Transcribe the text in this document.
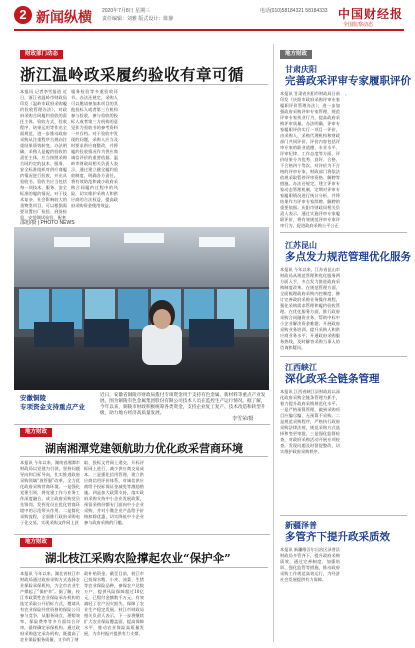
2 新闻纵横 2020年7月8日 星期三
责任编辑：刘雅 版式设计：陈静
电话(010)58184321 58184333 中国财经报
全国监察动态
财政部门动态
浙江温岭政采履约验收有章可循
本报讯 记者李雪报道 近日，浙江省温岭市财政局印发《温岭市政府采购履约验收管理办法》，对政府采购合同履约验收的责任主体、验收方式、验收程序、结果运用等作出全面规范，进一步推动政府采购从注重程序合规向注重结果绩效转变。办法明确，采购人是履约验收的责任主体，应当按照采购合同约定的技术、服务、安全标准组织对供应商履约情况进行验收，并出具验收书。验收书应当包括每一项技术、服务、安全标准的履约情况。对于技术复杂、社会影响较大的货物类项目，可以根据需要设置出厂检验、到货检验、安装调试检验、配套
服务检验等多重验收环节。办法还规定，采购人可以邀请参加本项目的其他投标人或者第三方机构参与验收，参与验收的投标人或者第三方机构的意见作为验收书的参考资料一并存档。对于验收中发现的问题，采购人应当及时要求供应商整改，并将履约验收情况作为供应商诚信评价的重要依据。温岭市财政局相关负责人表示，通过建立健全履约验收制度，明确各方责任，将有效防范和减少政府采购合同履约过程中的风险，切实维护采购人和供应商的合法权益，提高政府采购资金使用效益。
邵旭/摄 | PHOTO NEWS
安徽铜陵
专项资金支持重点产业
近日，安徽省铜陵市财政局拨付专项资金用于支持有色金属、新材料等重点产业发展。图为铜陵有色金属集团股份有限公司技术人员在监控生产运行情况。据了解，今年以来，铜陵市财政积极统筹各类资金，支持企业复工复产、技术改造和转型升级，助力地方经济高质量发展。
李雪荣/摄
地方财政
湖南湘潭党建领航助力优化政采营商环境
本报讯 今年以来，湖南省湘潭市财政局以党建为引领，坚持问题导向和目标导向，扎实推进政府采购领域“放管服”改革，全力优化政府采购营商环境。一是强化党建引领，将党建工作与业务工作深度融合，成立政府采购党员先锋岗，发挥党员在优化营商环境中的示范带头作用。二是简化采购流程，全面推行政府采购电子化交易，实现采购文件网上获
取、投标文件网上递交、开标评标网上进行，减少供应商交易成本。三是强化信用管理，建立供应商信用评价体系，对诚信供应商给予投标保证金减免等激励措施。四是加大政策支持，落实政府采购支持中小企业发展政策，预留采购份额专门面向中小企业采购，并对小微企业产品给予价格扣除优惠，切实降低中小企业参与政府采购的门槛。
地方财政
湖北枝江采购农险撑起农业“保护伞”
本报讯 今年以来，湖北省枝江市财政局通过政府采购方式选择农业保险承保机构，为全市农业生产撑起了“保护伞”。据了解，枝江市政策性农业保险承办机构的选定采取公开招标方式，邀请具有农业保险经营资格的保险公司参与竞争，从服务网点、理赔效率、保险费率等多方面综合评审，最终确定承保机构。通过政府采购选定承办机构，既提高了农业保险服务质量，又节约了财
政补贴资金。截至目前，枝江市已投保水稻、小麦、油菜、生猪等农业保险品种，参保农户达数万户，提供风险保障超过10亿元，已赔付金额数千万元，有效减轻了农户因灾损失，保障了农业生产稳定发展。枝江市财政局相关负责人表示，下一步将继续扩大农业保险覆盖面，提高保障水平，推动农业保险高质量发展，为乡村振兴提供有力支撑。
地方财政
甘肃庆阳
完善政采评审专家履职评价
本报讯 甘肃省庆阳市财政局日前印发《庆阳市政府采购评审专家履职评价管理办法》，进一步加强政府采购评审专家管理，规范评审专家执业行为，提高政府采购评审质量。办法明确，评审专家履职评价实行一项目一评价，由采购人、采购代理机构和财政部门共同评价。评价内容包括评审专家的职业道德、专业水平、评审纪律、工作态度等方面，评价结果分为优秀、良好、合格、不合格四个等次。对评价为不合格的评审专家，财政部门将依法依规采取暂停评审资格、解聘等措施。办法还规定，建立评审专家动态管理机制，定期对评审专家履职情况进行统计分析，并将结果作为评审专家续聘、解聘的重要依据。庆阳市财政局相关负责人表示，通过实施评审专家履职评价，将有效规范评审专家评审行为，促进政府采购公平公正
。
江苏昆山
多点发力规范管理优化服务
本报讯 今年以来，江苏省昆山市财政局从规范管理和优化服务两方面入手，多点发力推进政府采购制度改革。在规范管理方面，全面梳理政府采购内控制度，修订完善政府采购业务操作规程，强化采购需求管理和履约验收管理。在优化服务方面，推行政府采购合同融资业务，帮助中标中小企业解决资金难题；开展政府采购业务培训，提升采购人和供应商业务水平；开通政府采购服务热线，及时解答采购当事人的咨询和疑问。
江西峡江
深化政采全链条管理
本报讯 江西省峡江县财政局以深化政府采购全链条管理为抓手，着力提升政府采购规范化水平。一是严格预算管理，做到采购项目应编尽编，无预算不采购。二是规范采购程序，严格执行政府采购法律法规，规范采购方式选择和变更审批。三是强化监督检查，对政府采购活动开展专项检查，发现问题及时督促整改，切实维护政府采购秩序。
新疆泽普
多管齐下提升政采质效
本报讯 新疆维吾尔自治区泽普县财政局多管齐下，提升政府采购质效。通过完善制度、加强培训、强化监管等措施，推动政府采购工作规范高效运行，为经济社会发展提供有力保障。
